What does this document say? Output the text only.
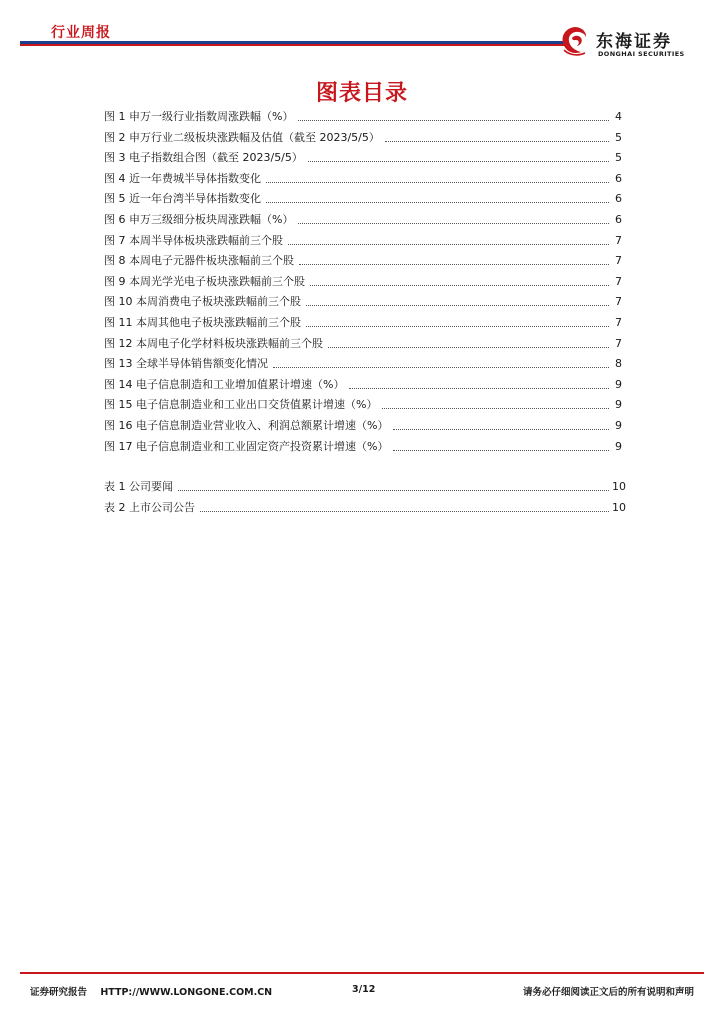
行业周报	东海证券
DONGHAI SECURITIES
图表目录
图 1 申万一级行业指数周涨跌幅（%）	4
图 2 申万行业二级板块涨跌幅及估值（截至 2023/5/5）	5
图 3 电子指数组合图（截至 2023/5/5）	5
图 4 近一年费城半导体指数变化	6
图 5 近一年台湾半导体指数变化	6
图 6 申万三级细分板块周涨跌幅（%）	6
图 7 本周半导体板块涨跌幅前三个股	7
图 8 本周电子元器件板块涨幅前三个股	7
图 9 本周光学光电子板块涨跌幅前三个股	7
图 10 本周消费电子板块涨跌幅前三个股	7
图 11 本周其他电子板块涨跌幅前三个股	7
图 12 本周电子化学材料板块涨跌幅前三个股	7
图 13 全球半导体销售额变化情况	8
图 14 电子信息制造和工业增加值累计增速（%）	9
图 15 电子信息制造业和工业出口交货值累计增速（%）	9
图 16 电子信息制造业营业收入、利润总额累计增速（%）	9
图 17 电子信息制造业和工业固定资产投资累计增速（%）	9
表 1 公司要闻	10
表 2 上市公司公告	10
证券研究报告 HTTP://WWW.LONGONE.COM.CN	3/12	请务必仔细阅读正文后的所有说明和声明
